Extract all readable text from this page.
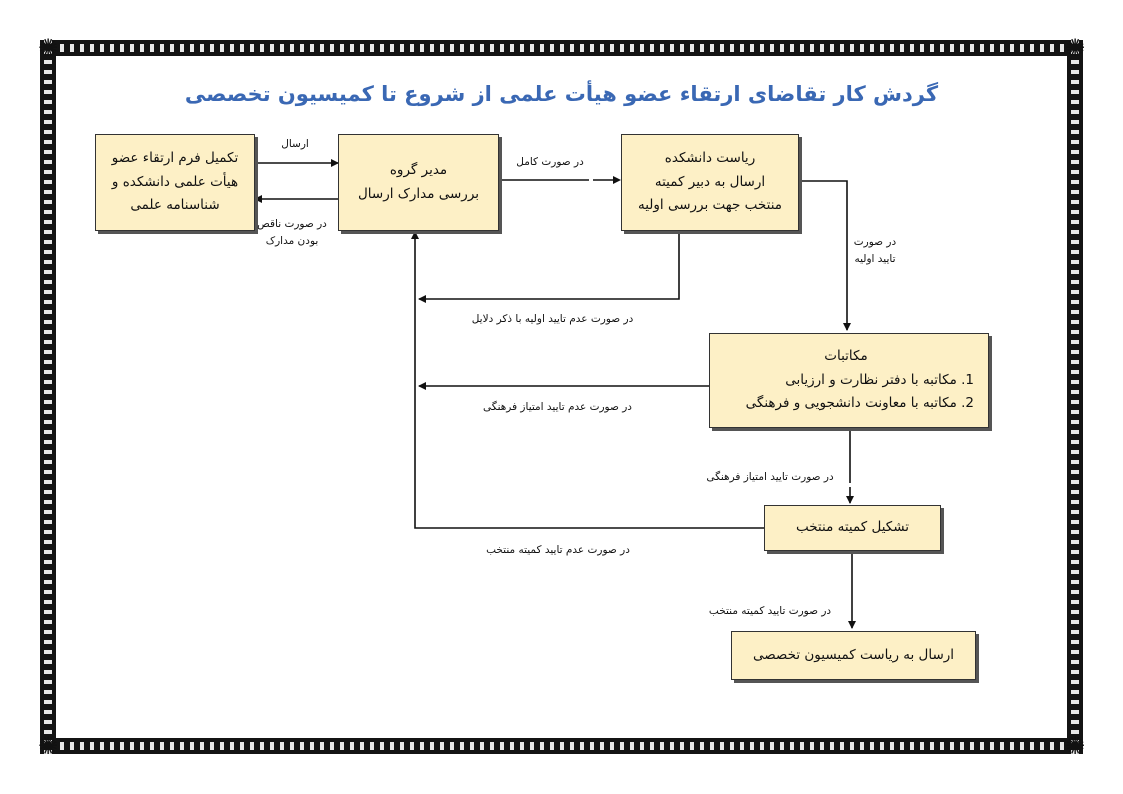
✺	✺
✺	✺
گردش کار تقاضای ارتقاء عضو هیأت علمی از شروع تا کمیسیون تخصصی
تکمیل فرم ارتقاء عضو
هیأت علمی دانشکده و
شناسنامه علمی
مدیر گروه
بررسی مدارک ارسال
ریاست دانشکده
ارسال به دبیر کمیته
منتخب جهت بررسی اولیه
مکاتبات
1. مکاتبه با دفتر نظارت و ارزیابی
2. مکاتبه با معاونت دانشجویی و فرهنگی
تشکیل کمیته منتخب
ارسال به ریاست کمیسیون تخصصی
ارسال
در صورت ناقص
بودن مدارک
در صورت کامل
در صورت
تایید اولیه
در صورت عدم تایید اولیه با ذکر دلایل
در صورت عدم تایید امتیاز فرهنگی
در صورت تایید امتیاز فرهنگی
در صورت عدم تایید کمیته منتخب
در صورت تایید کمیته منتخب
